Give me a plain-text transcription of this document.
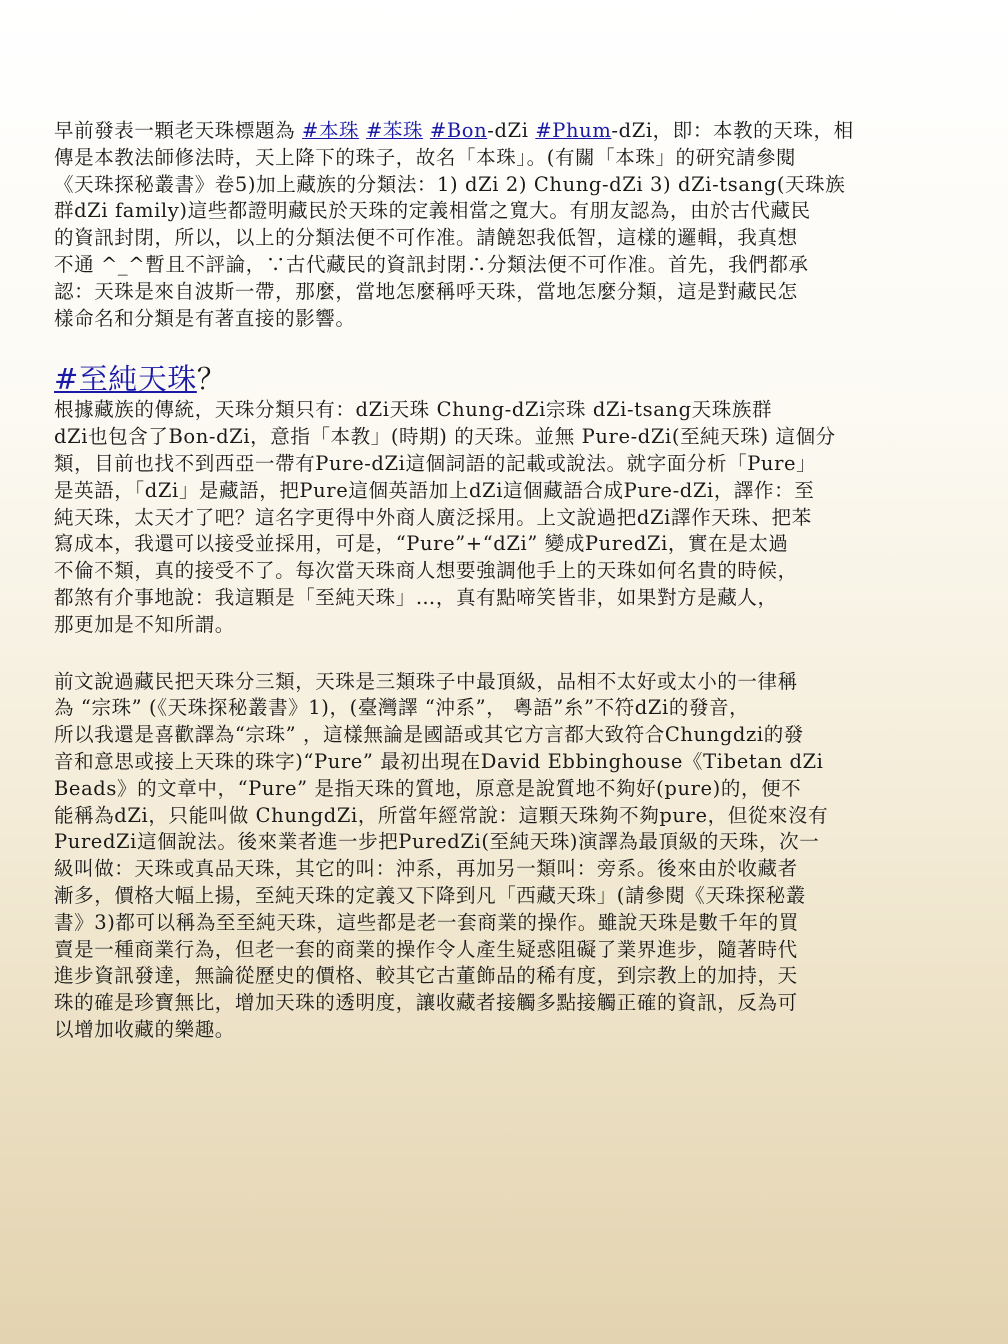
早前發表一顆老天珠標題為 #本珠 #苯珠 #Bon-dZi #Phum-dZi，即：本教的天珠，相
傳是本教法師修法時，天上降下的珠子，故名「本珠」。(有關「本珠」的研究請參閱
《天珠探秘叢書》卷5)加上藏族的分類法：1) dZi 2) Chung-dZi 3) dZi-tsang(天珠族
群dZi family)這些都證明藏民於天珠的定義相當之寬大。有朋友認為，由於古代藏民
的資訊封閉，所以，以上的分類法便不可作准。請饒恕我低智，這樣的邏輯，我真想
不通 ^_^暫且不評論，∵古代藏民的資訊封閉∴分類法便不可作准。首先，我們都承
認：天珠是來自波斯一帶，那麼，當地怎麼稱呼天珠，當地怎麼分類，這是對藏民怎
樣命名和分類是有著直接的影響。

#至純天珠？

根據藏族的傳統，天珠分類只有：dZi天珠 Chung-dZi宗珠 dZi-tsang天珠族群
dZi也包含了Bon-dZi，意指「本教」(時期) 的天珠。並無 Pure-dZi(至純天珠) 這個分
類，目前也找不到西亞一帶有Pure-dZi這個詞語的記載或說法。就字面分析「Pure」
是英語，「dZi」是藏語，把Pure這個英語加上dZi這個藏語合成Pure-dZi，譯作：至
純天珠，太天才了吧？這名字更得中外商人廣泛採用。上文說過把dZi譯作天珠、把苯
寫成本，我還可以接受並採用，可是，“Pure”+“dZi” 變成PuredZi，實在是太過
不倫不類，真的接受不了。每次當天珠商人想要強調他手上的天珠如何名貴的時候，
都煞有介事地說：我這顆是「至純天珠」…，真有點啼笑皆非，如果對方是藏人，
那更加是不知所謂。

前文說過藏民把天珠分三類，天珠是三類珠子中最頂級，品相不太好或太小的一律稱
為 “宗珠” (《天珠探秘叢書》1)，(臺灣譯 “沖系”， 粵語”糸”不符dZi的發音，
所以我還是喜歡譯為“宗珠” ，這樣無論是國語或其它方言都大致符合Chungdzi的發
音和意思或接上天珠的珠字)“Pure” 最初出現在David Ebbinghouse《Tibetan dZi
Beads》的文章中，“Pure” 是指天珠的質地，原意是說質地不夠好(pure)的，便不
能稱為dZi，只能叫做 ChungdZi，所當年經常說：這顆天珠夠不夠pure，但從來沒有
PuredZi這個說法。後來業者進一步把PuredZi(至純天珠)演譯為最頂級的天珠，次一
級叫做：天珠或真品天珠，其它的叫：沖系，再加另一類叫：旁系。後來由於收藏者
漸多，價格大幅上揚，至純天珠的定義又下降到凡「西藏天珠」(請參閱《天珠探秘叢
書》3)都可以稱為至至純天珠，這些都是老一套商業的操作。雖說天珠是數千年的買
賣是一種商業行為，但老一套的商業的操作令人產生疑惑阻礙了業界進步，隨著時代
進步資訊發達，無論從歷史的價格、較其它古董飾品的稀有度，到宗教上的加持，天
珠的確是珍寶無比，增加天珠的透明度，讓收藏者接觸多點接觸正確的資訊，反為可
以增加收藏的樂趣。
